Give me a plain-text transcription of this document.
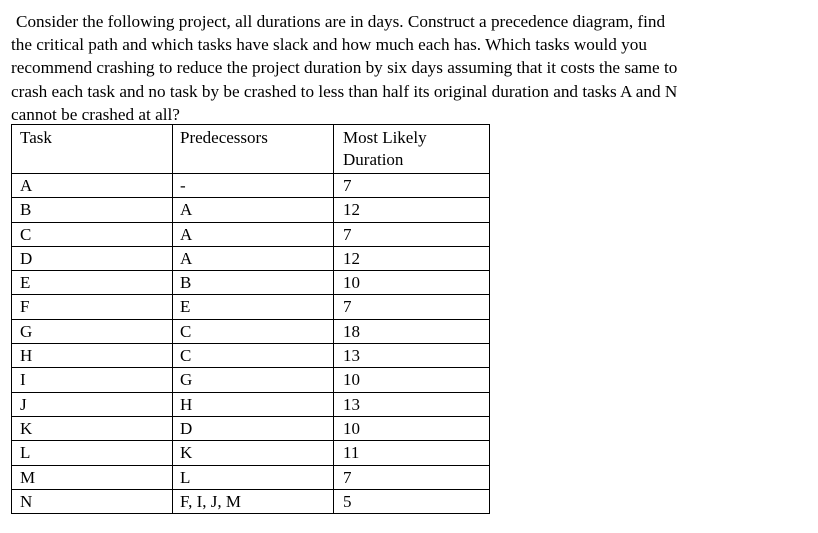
Consider the following project, all durations are in days. Construct a precedence diagram, find
the critical path and which tasks have slack and how much each has. Which tasks would you
recommend crashing to reduce the project duration by six days assuming that it costs the same to
crash each task and no task by be crashed to less than half its original duration and tasks A and N
cannot be crashed at all?
Task	Predecessors	Most Likely
Duration
A	-	7
B	A	12
C	A	7
D	A	12
E	B	10
F	E	7
G	C	18
H	C	13
I	G	10
J	H	13
K	D	10
L	K	11
M	L	7
N	F, I, J, M	5
